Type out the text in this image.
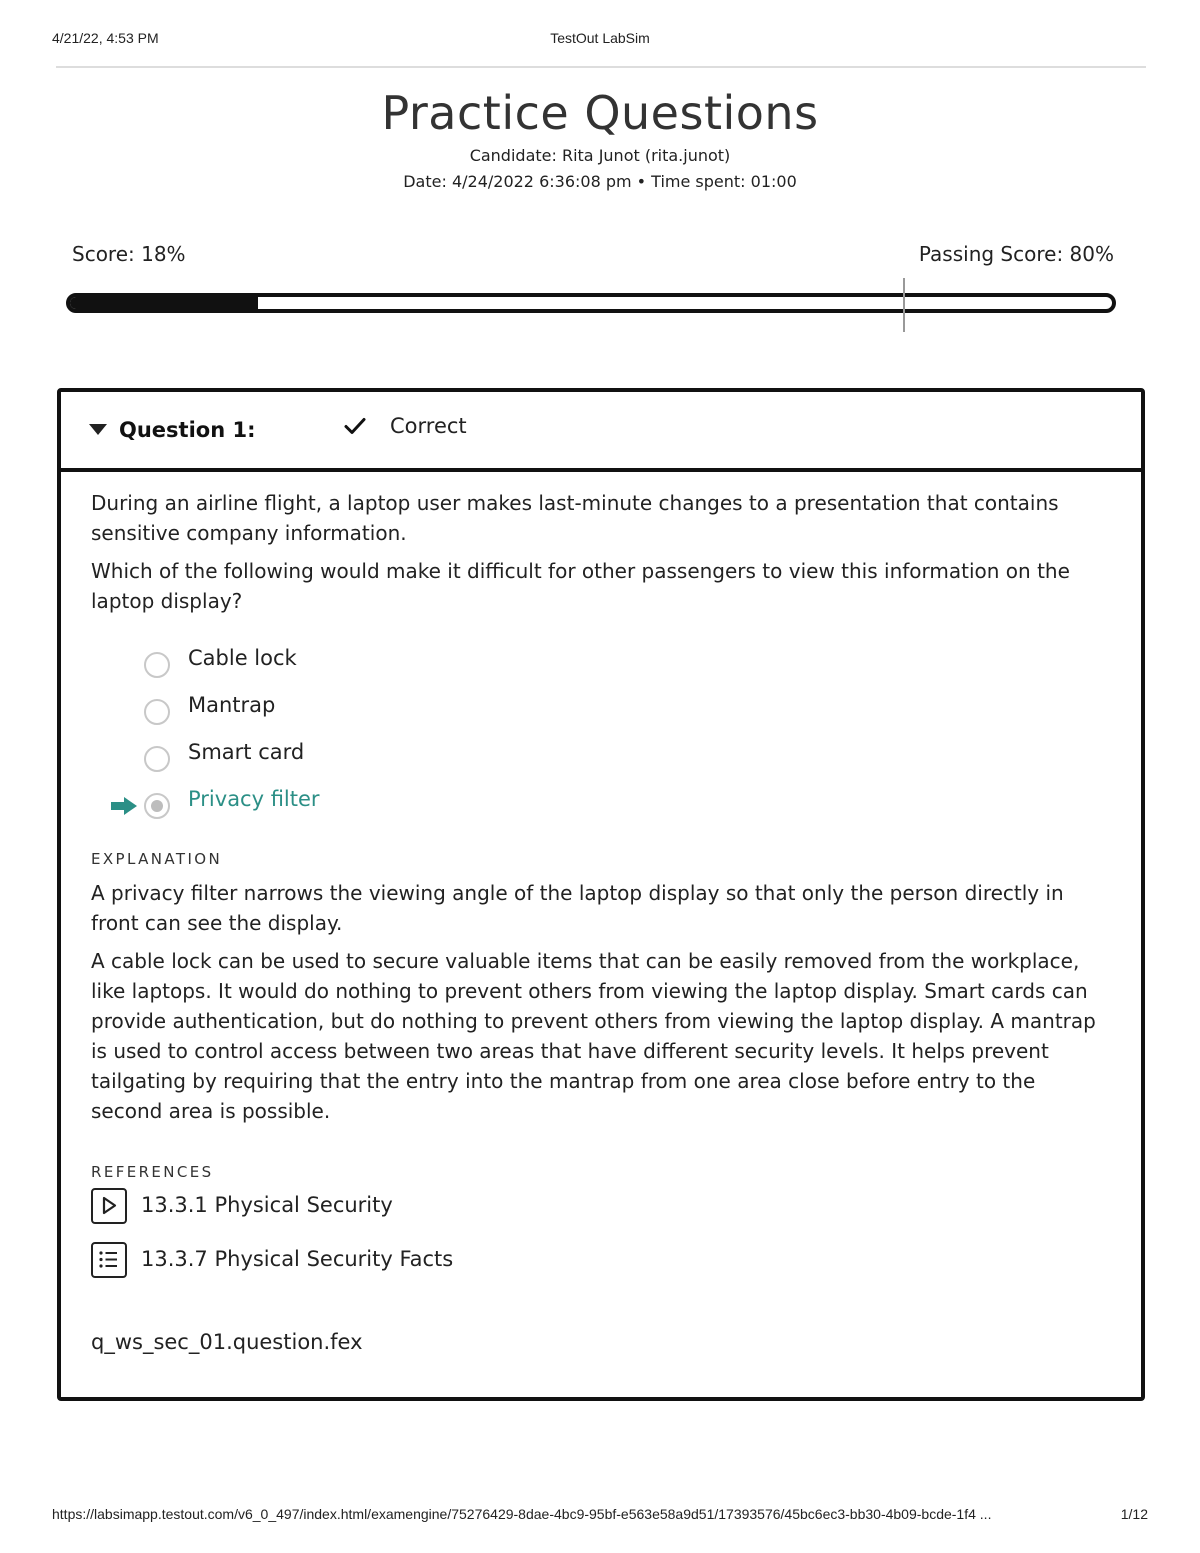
4/21/22, 4:53 PM	TestOut LabSim
Practice Questions
Candidate: Rita Junot (rita.junot)
Date: 4/24/2022 6:36:08 pm • Time spent: 01:00
Score: 18%	Passing Score: 80%
Question 1:	Correct

During an airline flight, a laptop user makes last-minute changes to a presentation that contains sensitive company information.

Which of the following would make it difficult for other passengers to view this information on the laptop display?

Cable lock
Mantrap
Smart card
Privacy filter
EXPLANATION

A privacy filter narrows the viewing angle of the laptop display so that only the person directly in front can see the display.

A cable lock can be used to secure valuable items that can be easily removed from the workplace, like laptops. It would do nothing to prevent others from viewing the laptop display. Smart cards can provide authentication, but do nothing to prevent others from viewing the laptop display. A mantrap is used to control access between two areas that have different security levels. It helps prevent tailgating by requiring that the entry into the mantrap from one area close before entry to the second area is possible.

REFERENCES
13.3.1 Physical Security
13.3.7 Physical Security Facts
q_ws_sec_01.question.fex
https://labsimapp.testout.com/v6_0_497/index.html/examengine/75276429-8dae-4bc9-95bf-e563e58a9d51/17393576/45bc6ec3-bb30-4b09-bcde-1f4 ...	1/12
